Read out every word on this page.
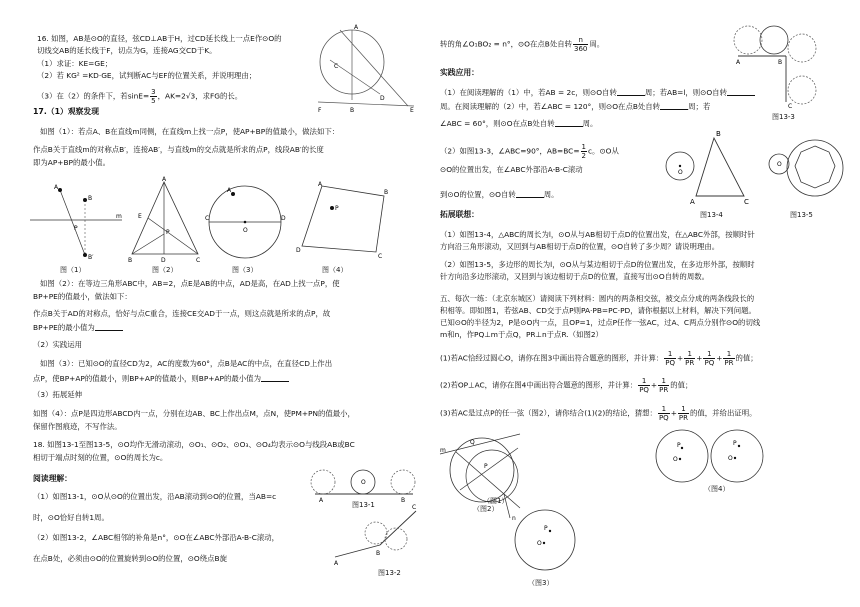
16. 如图，AB是⊙O的直径，弦CD⊥AB于H，过CD延长线上一点E作⊙O的
切线交AB的延长线于F，切点为G，连接AG交CD于K。
（1）求证：KE=GE；
（2）若 KG² =KD·GE，试判断AC与EF的位置关系，并说明理由；
（3）在（2）的条件下，若$\sin E= \frac{3}{5}$ ，AK=2√3，求FG的长。
A
C
D
F	B	E
17.（1）观察发现
如图（1）：若点A、B在直线m同侧，在直线m上找一点P，使AP+BP的值最小，做法如下：
作点B关于直线m的对称点B′，连接AB′，与直线m的交点就是所求的点P，线段AB′的长度
即为AP+BP的最小值。
A
B
B′
m
P
A
E
P
B	D	C
A
O
C	D
A
B
C
D
P
图（1）	图（2）	图（3）	图（4）
如图（2）：在等边三角形ABC中，AB=2，点E是AB的中点，AD是高，在AD上找一点P，使
BP+PE的值最小，做法如下：
作点B关于AD的对称点，恰好与点C重合，连接CE交AD于一点，则这点就是所求的点P，故
BP+PE的最小值为
（2）实践运用
如图（3）：已知⊙O的直径CD为2，AC的度数为60°，点B是AC的中点，在直径CD上作出
点P，使BP+AP的值最小，则BP+AP的值最小，则BP+AP的最小值为
（3）拓展延伸
如图（4）：点P是四边形ABCD内一点，分别在边AB、BC上作出点M，点N，使PM+PN的值最小，
保留作图痕迹，不写作法。
18. 如图13-1至图13-5，⊙O均作无滑动滚动，⊙O₁、⊙O₂、⊙O₃、⊙O₄均表示⊙O与线段AB或BC
相切于端点时刻的位置，⊙O的周长为c。
阅读理解：
（1）如图13-1，⊙O从⊙O的位置出发，沿AB滚动到⊙O的位置，当AB=c
时，⊙O恰好自转1周。
（2）如图13-2，∠ABC相邻的补角是n°，⊙O在∠ABC外部沿A-B-C滚动，
在点B处，必须由⊙O的位置旋转到⊙O的位置，⊙O绕点B旋
A	B
O
图13-1
A
B
C
图13-2
转的角∠O₁BO₂ = n°，⊙O在点B处自转 $\frac{n}{360}$ 周。
实践应用：
（1）在阅读理解的（1）中，若AB = 2c，则⊙O自转	周；若AB=l，则⊙O自转
周。在阅读理解的（2）中，若∠ABC = 120°，则⊙O在点B处自转	周；若
∠ABC = 60°，则⊙O在点B处自转	周。
（2）如图13-3，∠ABC=90°，$AB=BC= \frac{1}{2}$ c。⊙O从
⊙O的位置出发，在∠ABC外部沿A-B-C滚动
到⊙O的位置，⊙O自转	周。
A	B
C
图13-3
O
B
A	C
图13-4
O
图13-5
拓展联想：
（1）如图13-4，△ABC的周长为l，⊙O从与AB相切于点D的位置出发，在△ABC外部，按顺时针
方向沿三角形滚动，又回到与AB相切于点D的位置，⊙O自转了多少周？请说明理由。
（2）如图13-5，多边形的周长为l，⊙O从与某边相切于点D的位置出发，在多边形外部，按顺时
针方向沿多边形滚动，又回到与该边相切于点D的位置，直接写出⊙O自转的周数。
五、每次一练：（北京东城区）请阅读下列材料：圆内的两条相交弦，被交点分成的两条线段长的
积相等。即如图1，若弦AB、CD交于点P则PA·PB=PC·PD，请你根据以上材料，解决下列问题。
已知⊙O的半径为2，P是⊙O内一点，且OP=1，过点P任作一弦AC，过A、C两点分别作⊙O的切线
m和n，作PQ⊥m于点Q，PR⊥n于点R.（如图2）
(1)若AC恰经过圆心O，请你在图3中画出符合题意的图形，并计算： $\frac{1}{PQ} + \frac{1}{PR} + \frac{1}{PQ} + \frac{1}{PR}$ 的值；
(2)若OP⊥AC，请你在图4中画出符合题意的图形，并计算： $\frac{1}{PQ} + \frac{1}{PR}$ 的值；
(3)若AC是过点P的任一弦（图2），请你结合(1)(2)的结论，猜想： $\frac{1}{PQ} + \frac{1}{PR}$ 的值，并给出证明。
m
n
Q
P
（图1）
（图2）
P
O
（图3）
P
O
P
O
（图4）
